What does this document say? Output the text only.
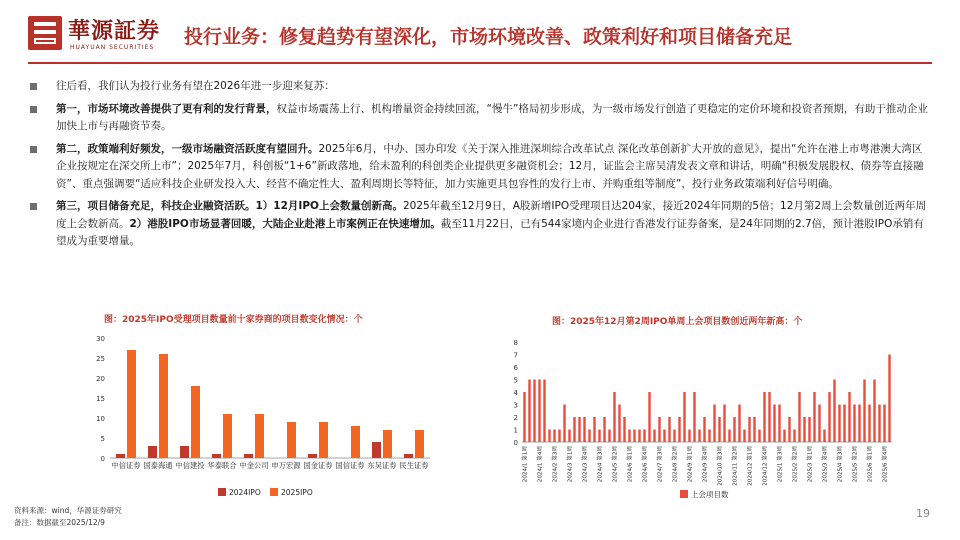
華源証券
HUAYUAN SECURITIES 投行业务：修复趋势有望深化，市场环境改善、政策利好和项目储备充足
往后看，我们认为投行业务有望在2026年进一步迎来复苏：
第一，市场环境改善提供了更有利的发行背景，权益市场震荡上行、机构增量资金持续回流，“慢牛”格局初步形成，为一级市场发行创造了更稳定的定价环境和投资者预期，有助于推动企业加快上市与再融资节奏。
第二，政策端利好频发，一级市场融资活跃度有望回升。2025年6月，中办、国办印发《关于深入推进深圳综合改革试点 深化改革创新扩大开放的意见》，提出“允许在港上市粤港澳大湾区企业按规定在深交所上市”；2025年7月，科创板“1+6”新政落地，给未盈利的科创类企业提供更多融资机会；12月，证监会主席吴清发表文章和讲话，明确“积极发展股权、债券等直接融资”、重点强调要“适应科技企业研发投入大、经营不确定性大、盈利周期长等特征，加力实施更具包容性的发行上市、并购重组等制度”，投行业务政策端利好信号明确。
第三，项目储备充足，科技企业融资活跃。1）12月IPO上会数量创新高。2025年截至12月9日，A股新增IPO受理项目达204家，接近2024年同期的5倍；12月第2周上会数量创近两年周度上会数新高。2）港股IPO市场显著回暖，大陆企业赴港上市案例正在快速增加。截至11月22日，已有544家境内企业进行香港发行证券备案，是24年同期的2.7倍，预计港股IPO承销有望成为重要增量。
图：2025年IPO受理项目数量前十家券商的项目数变化情况：个	图：2025年12月第2周IPO单周上会项目数创近两年新高：个
0
5
10
15
20
25
30
中信证券 国泰海通 中信建投 华泰联合 中金公司 申万宏源 国金证券 国信证券 东吴证券 民生证券
2024IPO	2025IPO
0
1
2
3
4
5
6
7
8
2024/1 第1周	2024/1 第4周	2024/2 第3周	2024/3 第1周	2024/3 第4周	2024/4 第3周	2024/5 第2周	2024/6 第1周	2024/6 第4周	2024/7 第3周	2024/8 第2周	2024/9 第1周	2024/9 第4周	2024/10 第3周	2024/11 第2周	2024/12 第1周	2024/12 第4周	2025/1 第3周	2025/2 第2周	2025/3 第1周	2025/3 第4周	2025/4 第3周	2025/5 第2周	2025/6 第1周	2025/6 第4周
上会项目数
资料来源：wind，华源证券研究
备注：数据截至2025/12/9
19
